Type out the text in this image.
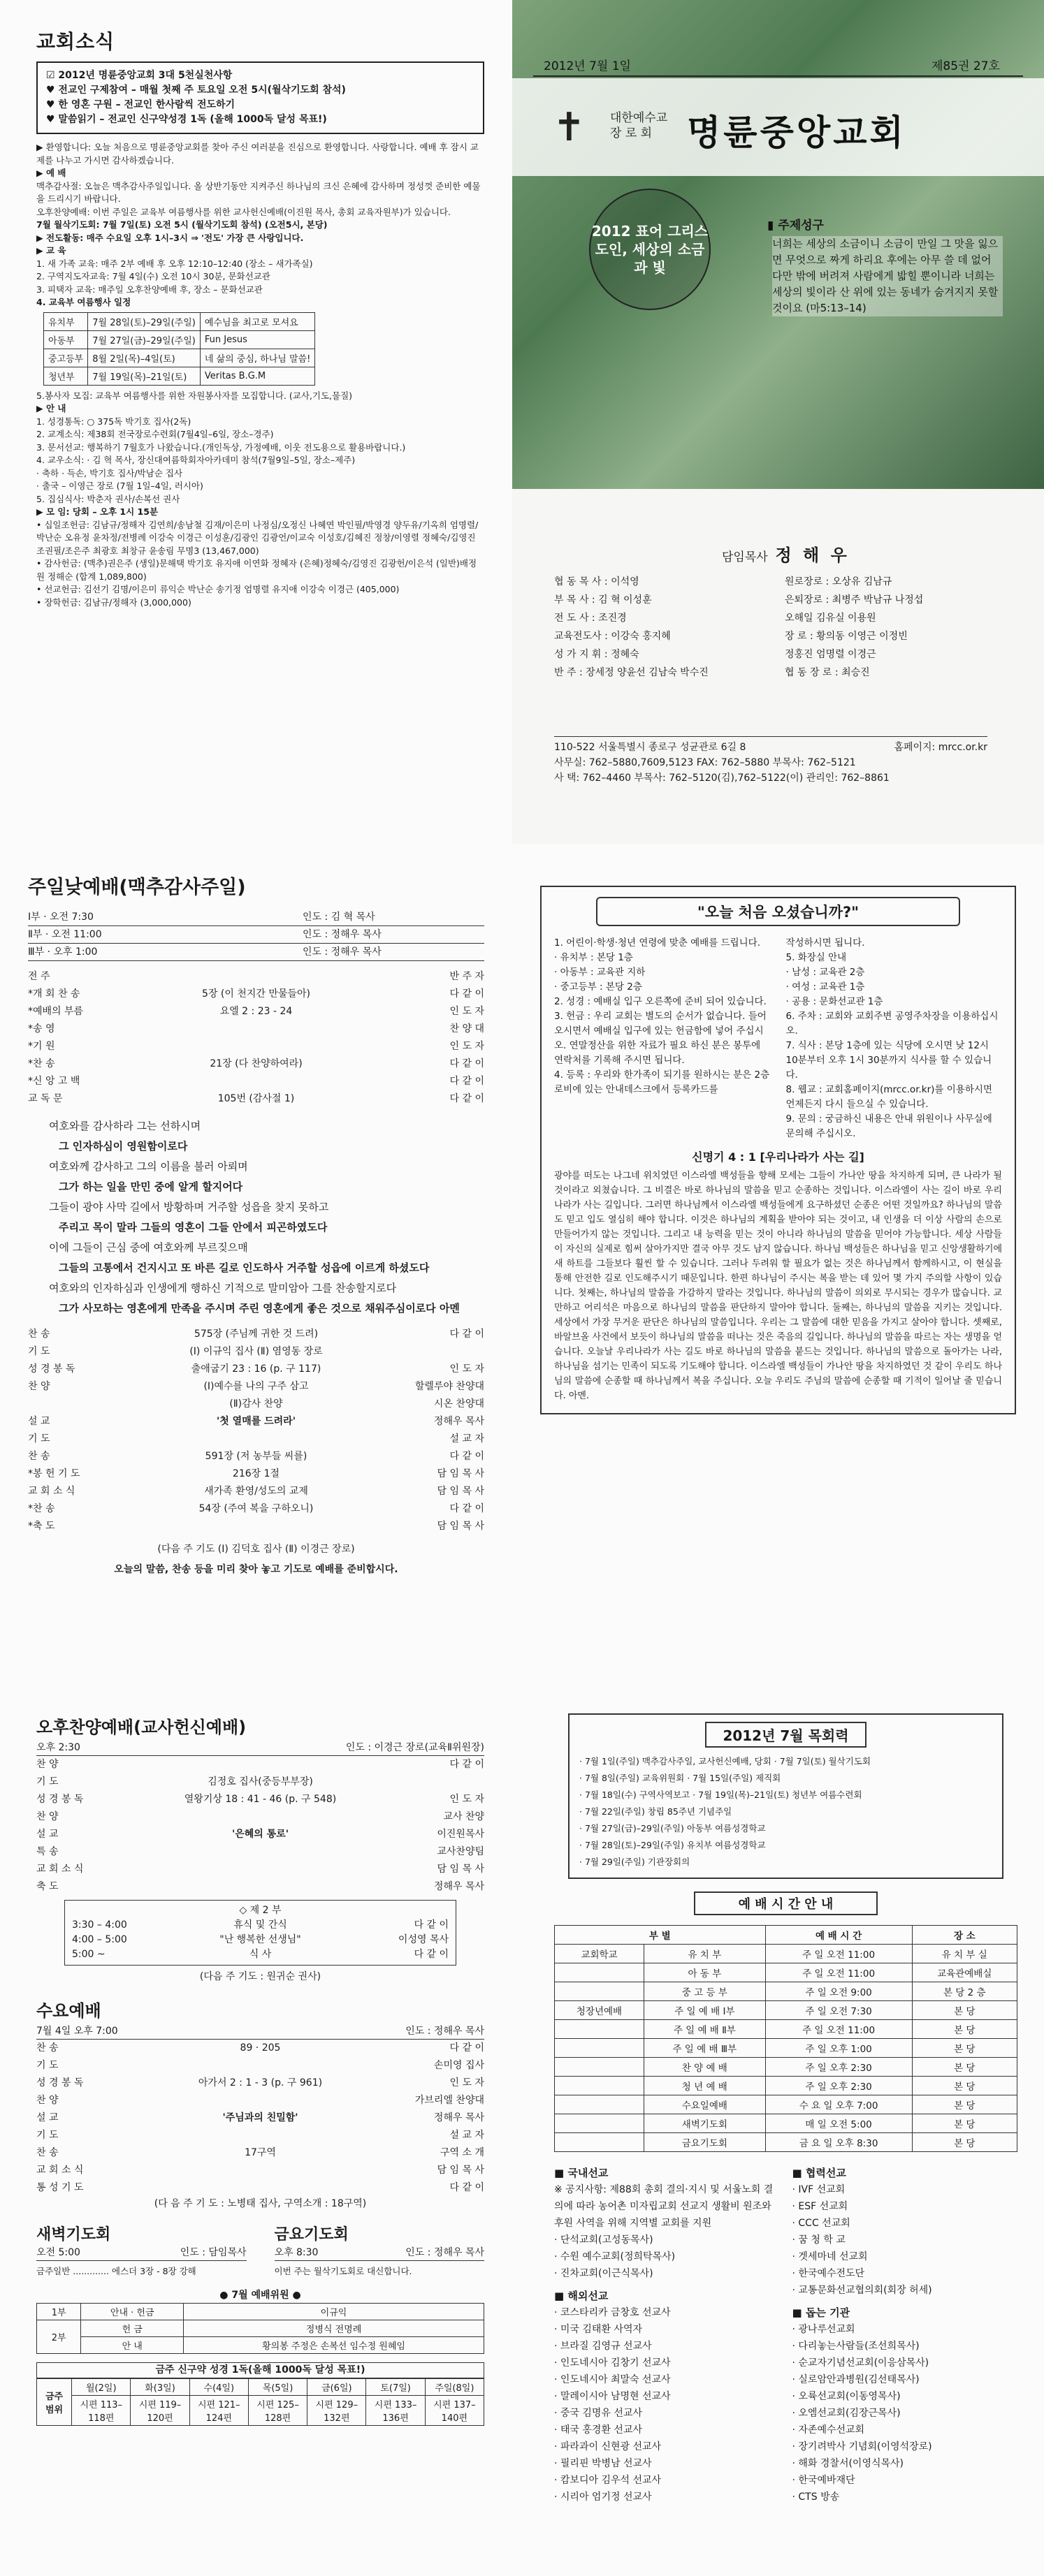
교회소식
☑ 2012년 명륜중앙교회 3대 5천실천사항
♥ 전교인 구제참여 – 매월 첫째 주 토요일 오전 5시(월삭기도회 참석)
♥ 한 영혼 구원 – 전교인 한사람씩 전도하기
♥ 말씀읽기 – 전교인 신구약성경 1독 (올해 1000독 달성 목표!)
▶ 환영합니다: 오늘 처음으로 명륜중앙교회를 찾아 주신 여러분을 진심으로 환영합니다. 사랑합니다. 예배 후 잠시 교제를 나누고 가시면 감사하겠습니다.
▶ 예 배
맥추감사절: 오늘은 맥추감사주일입니다. 올 상반기동안 지켜주신 하나님의 크신 은혜에 감사하며 정성껏 준비한 예물을 드리시기 바랍니다.
오후찬양예배: 이번 주일은 교육부 여름행사를 위한 교사헌신예배(이진원 목사, 총회 교육자원부)가 있습니다.
7월 월삭기도회: 7월 7일(토) 오전 5시 (월삭기도회 참석) (오전5시, 본당)
▶ 전도활동: 매주 수요일 오후 1시–3시 ⇒ '전도' 가장 큰 사랑입니다.
▶ 교 육
1. 새 가족 교육: 매주 2부 예배 후 오후 12:10–12:40 (장소 – 새가족실)
2. 구역지도자교육: 7월 4일(수) 오전 10시 30분, 문화선교관
3. 피택자 교육: 매주일 오후찬양예배 후, 장소 – 문화선교관
4. 교육부 여름행사 일정
유치부	7월 28일(토)–29일(주일)	예수님을 최고로 모셔요
아동부	7월 27일(금)–29일(주일)	Fun Jesus
중고등부	8월 2일(목)–4일(토)	네 삶의 중심, 하나님 말씀!
청년부	7월 19일(목)–21일(토)	Veritas B.G.M
5.봉사자 모집: 교육부 여름행사를 위한 자원봉사자를 모집합니다. (교사,기도,물질)
▶ 안 내
1. 성경통독: ○ 375독 박기호 집사(2독)
2. 교계소식: 제38회 전국장로수련회(7월4일–6일, 장소–경주)
3. 문서선교: 행복하기 7월호가 나왔습니다.(개인독상, 가정예배, 이웃 전도용으로 활용바랍니다.)
4. 교우소식: · 김 혁 목사, 장신대여름학회자아카데미 참석(7월9일–5일, 장소–제주)
· 축하 · 득손, 박기호 집사/박남순 집사
· 출국 – 이영근 장로 (7월 1일–4일, 러시아)
5. 집심식사: 박춘자 권사/손복선 권사
▶ 모 임: 당회 – 오후 1시 15분
• 십일조헌금: 김남규/정해자 김연희/송남철 김재/이은미 나정심/오정신 나혜연 박인필/박영경 양두유/기옥희 엄명렬/박난순 오유정 윤차정/전병례 이강숙 이경근 이성훈/김광인 김광언/이교숙 이성호/김혜진 정창/이영렬 정혜숙/김영진 조권필/조은주 최광호 최창규 윤송림 무명3 (13,467,000)
• 감사헌금: (맥추)권은주 (생일)문해택 박기호 유지애 이연화 정혜자 (은혜)정혜숙/김영진 김광헌/이은석 (일반)배정원 정해순 (합계 1,089,800)
• 선교헌금: 김선기 김명/이은미 류익순 박난순 송기정 엄명렬 유지애 이강숙 이경근 (405,000)
• 장학헌금: 김남규/정해자 (3,000,000)
2012년 7월 1일	제85권 27호
✝ 대한예수교
장 로 회 명륜중앙교회
2012 표어 그리스도인, 세상의 소금과 빛
▮ 주제성구
너희는 세상의 소금이니 소금이 만일 그 맛을 잃으면 무엇으로 짜게 하리요 후에는 아무 쓸 데 없어 다만 밖에 버려져 사람에게 밟힐 뿐이니라 너희는 세상의 빛이라 산 위에 있는 동네가 숨겨지지 못할 것이요 (마5:13–14)
담임목사 정 해 우
협 동 목 사 : 이석영	원로장로 : 오상유 김남규
부 목 사 : 김 혁 이성훈	은퇴장로 : 최병주 박남규 나정섭
전 도 사 : 조진경	오해일 김유실 이용원
교육전도사 : 이강숙 홍지혜	장 로 : 황의동 이영근 이정빈
성 가 지 휘 : 정혜숙	정홍진 엄명렬 이경근
반 주 : 장세정 양윤선 김남숙 박수진	협 동 장 로 : 최승진
110-522 서울특별시 종로구 성균관로 6길 8	홈페이지: mrcc.or.kr
사무실: 762–5880,7609,5123 FAX: 762–5880 부목사: 762–5121
사 택: 762–4460 부목사: 762–5120(김),762–5122(이) 관리인: 762–8861
주일낮예배(맥추감사주일)
Ⅰ부 · 오전 7:30	인도 : 김 혁 목사
Ⅱ부 · 오전 11:00	인도 : 정해우 목사
Ⅲ부 · 오후 1:00	인도 : 정해우 목사
전 주	반 주 자
*개 회 찬 송	5장 (이 천지간 만물들아)	다 같 이
*예배의 부름	요엘 2 : 23 - 24	인 도 자
*송 영	찬 양 대
*기 원	인 도 자
*찬 송	21장 (다 찬양하여라)	다 같 이
*신 앙 고 백	다 같 이
교 독 문	105번 (감사절 1)	다 같 이
여호와를 감사하라 그는 선하시며
그 인자하심이 영원함이로다
여호와께 감사하고 그의 이름을 불러 아뢰며
그가 하는 일을 만민 중에 알게 할지어다
그들이 광야 사막 길에서 방황하며 거주할 성읍을 찾지 못하고
주리고 목이 말라 그들의 영혼이 그들 안에서 피곤하였도다
이에 그들이 근심 중에 여호와께 부르짖으매
그들의 고통에서 건지시고 또 바른 길로 인도하사 거주할 성읍에 이르게 하셨도다
여호와의 인자하심과 인생에게 행하신 기적으로 말미암아 그를 찬송할지로다
그가 사모하는 영혼에게 만족을 주시며 주린 영혼에게 좋은 것으로 채워주심이로다 아멘
찬 송	575장 (주님께 귀한 것 드려)	다 같 이
기 도	(Ⅰ) 이규익 집사 (Ⅱ) 염영동 장로
성 경 봉 독	출애굽기 23 : 16 (p. 구 117)	인 도 자
찬 양	(Ⅰ)예수를 나의 구주 삼고	할렐루야 찬양대
(Ⅱ)감사 찬양	시온 찬양대
설 교	'첫 열매를 드려라'	정해우 목사
기 도	설 교 자
찬 송	591장 (저 농부들 씨를)	다 같 이
*봉 헌 기 도	216장 1절	담 임 목 사
교 회 소 식	새가족 환영/성도의 교제	담 임 목 사
*찬 송	54장 (주여 복을 구하오니)	다 같 이
*축 도	담 임 목 사
(다음 주 기도 (Ⅰ) 김덕호 집사 (Ⅱ) 이경근 장로)
오늘의 말씀, 찬송 등을 미리 찾아 놓고 기도로 예배를 준비합시다.
"오늘 처음 오셨습니까?"
1. 어린이·학생·청년 연령에 맞춘 예배를 드립니다.
· 유치부 : 본당 1층
· 아동부 : 교육관 지하
· 중고등부 : 본당 2층
2. 성경 : 예배실 입구 오른쪽에 준비 되어 있습니다.
3. 헌금 : 우리 교회는 별도의 순서가 없습니다. 들어 오시면서 예배실 입구에 있는 헌금함에 넣어 주십시오. 연말정산을 위한 자료가 필요 하신 분은 봉투에 연락처를 기록해 주시면 됩니다.
4. 등록 : 우리와 한가족이 되기를 원하시는 분은 2층 로비에 있는 안내데스크에서 등록카드를
작성하시면 됩니다.
5. 화장실 안내
· 남성 : 교육관 2층
· 여성 : 교육관 1층
· 공용 : 문화선교관 1층
6. 주차 : 교회와 교회주변 공영주차장을 이용하십시오.
7. 식사 : 본당 1층에 있는 식당에 오시면 낮 12시 10분부터 오후 1시 30분까지 식사를 할 수 있습니다.
8. 웹교 : 교회홈페이지(mrcc.or.kr)를 이용하시면 언제든지 다시 들으실 수 있습니다.
9. 문의 : 궁금하신 내용은 안내 위원이나 사무실에 문의해 주십시오.
신명기 4 : 1 [우리나라가 사는 길]
광야를 떠도는 나그네 위치였던 이스라엘 백성들을 향해 모세는 그들이 가나안 땅을 차지하게 되며, 큰 나라가 될 것이라고 외쳤습니다. 그 비결은 바로 하나님의 말씀을 믿고 순종하는 것입니다. 이스라엘이 사는 길이 바로 우리나라가 사는 길입니다. 그러면 하나님께서 이스라엘 백성들에게 요구하셨던 순종은 어떤 것일까요? 하나님의 말씀도 믿고 입도 열심히 해야 합니다. 이것은 하나님의 계획을 받아야 되는 것이고, 내 인생을 더 이상 사람의 손으로 만들어가지 않는 것입니다. 그리고 내 능력을 믿는 것이 아니라 하나님의 말씀을 믿어야 가능합니다. 세상 사람들이 자신의 실제로 힘써 살아가지만 결국 아무 것도 남지 않습니다. 하나님 백성들은 하나님을 믿고 신앙생활하기에 새 하트를 그들보다 훨씬 할 수 있습니다. 그러나 두려워 할 필요가 없는 것은 하나님께서 함께하시고, 이 현실을 통해 안전한 길로 인도해주시기 때문입니다. 한편 하나님이 주시는 복을 받는 데 있어 몇 가지 주의할 사항이 있습니다. 첫째는, 하나님의 말씀을 가감하지 말라는 것입니다. 하나님의 말씀이 의외로 무시되는 경우가 많습니다. 교만하고 어리석은 마음으로 하나님의 말씀을 판단하지 말아야 합니다. 둘째는, 하나님의 말씀을 지키는 것입니다. 세상에서 가장 무거운 판단은 하나님의 말씀입니다. 우리는 그 말씀에 대한 믿음을 가지고 살아야 합니다. 셋째로, 바알브올 사건에서 보듯이 하나님의 말씀을 떠나는 것은 죽음의 길입니다. 하나님의 말씀을 따르는 자는 생명을 얻습니다. 오늘날 우리나라가 사는 길도 바로 하나님의 말씀을 붙드는 것입니다. 하나님의 말씀으로 돌아가는 나라, 하나님을 섬기는 민족이 되도록 기도해야 합니다. 이스라엘 백성들이 가나안 땅을 차지하였던 것 같이 우리도 하나님의 말씀에 순종할 때 하나님께서 복을 주십니다. 오늘 우리도 주님의 말씀에 순종할 때 기적이 일어날 줄 믿습니다. 아멘.
오후찬양예배(교사헌신예배)
오후 2:30	인도 : 이경근 장로(교육Ⅱ위원장)
찬 양	다 같 이
기 도	김정호 집사(중등부부장)
성 경 봉 독	열왕기상 18 : 41 - 46 (p. 구 548)	인 도 자
찬 양	교사 찬양
설 교	'은혜의 통로'	이진원목사
특 송	교사찬양팀
교 회 소 식	담 임 목 사
축 도	정해우 목사
◇ 제 2 부
3:30 – 4:00	휴식 및 간식	다 같 이
4:00 – 5:00	"난 행복한 선생님"	이성영 목사
5:00 ~	식 사	다 같 이
(다음 주 기도 : 원귀순 권사)
수요예배
7월 4일 오후 7:00	인도 : 정해우 목사
찬 송	89 · 205	다 같 이
기 도	손미영 집사
성 경 봉 독	아가서 2 : 1 - 3 (p. 구 961)	인 도 자
찬 양	가브리엘 찬양대
설 교	'주님과의 친밀함'	정해우 목사
기 도	설 교 자
찬 송	17구역	구역 소 개
교 회 소 식	담 임 목 사
통 성 기 도	다 같 이
(다 음 주 기 도 : 노병태 집사, 구역소개 : 18구역)
새벽기도회
오전 5:00	인도 : 담임목사
금주일반 ............. 에스더 3장 - 8장 강해
금요기도회
오후 8:30	인도 : 정해우 목사
이번 주는 월삭기도회로 대신합니다.
● 7월 예배위원 ●
1부	안내 · 헌금	이규익
2부	헌 금	정병식 전명례
	안 내	황의봉 주정은 손복선 임수정 원혜임
금주 신구약 성경 1독(올해 1000독 달성 목표!)
금주 범위	월(2일)	화(3일)	수(4일)	목(5일)	금(6일)	토(7일)	주일(8일)
	시편 113–118편	시편 119–120편	시편 121–124편	시편 125–128편	시편 129–132편	시편 133–136편	시편 137–140편
2012년 7월 목회력
· 7월 1일(주일) 맥추감사주일, 교사헌신예배, 당회 · 7월 7일(토) 월삭기도회
· 7월 8일(주일) 교육위원회 · 7월 15일(주일) 제직회
· 7월 18일(수) 구역사역보고 · 7월 19일(목)–21일(토) 청년부 여름수련회
· 7월 22일(주일) 창립 85주년 기념주일
· 7월 27일(금)–29일(주일) 아동부 여름성경학교
· 7월 28일(토)–29일(주일) 유치부 여름성경학교
· 7월 29일(주일) 기관장회의
예 배 시 간 안 내
부 별		예 배 시 간	장 소
교회학교	유 치 부	주 일 오전 11:00	유 치 부 실
	아 동 부	주 일 오전 11:00	교육관예배실
	중 고 등 부	주 일 오전 9:00	본 당 2 층
청장년예배	주 일 예 배 Ⅰ부	주 일 오전 7:30	본 당
	주 일 예 배 Ⅱ부	주 일 오전 11:00	본 당
	주 일 예 배 Ⅲ부	주 일 오후 1:00	본 당
	찬 양 예 배	주 일 오후 2:30	본 당
	청 년 예 배	주 일 오후 2:30	본 당
	수요일예배	수 요 일 오후 7:00	본 당
	새벽기도회	매 일 오전 5:00	본 당
	금요기도회	금 요 일 오후 8:30	본 당
■ 국내선교
※ 공지사항: 제88회 총회 결의·지시 및 서울노회 결의에 따라 농어촌 미자립교회 선교지 생활비 원조와 후원 사역을 위해 지역별 교회를 지원
· 단석교회(고성동목사)
· 수원 예수교회(정희탁목사)
· 진차교회(이근식목사)
■ 해외선교
· 코스타리카 금창호 선교사
· 미국 김태환 사역자
· 브라질 김영규 선교사
· 인도네시아 김창기 선교사
· 인도네시아 최말숙 선교사
· 말레이시아 남명현 선교사
· 중국 김명유 선교사
· 태국 홍경환 선교사
· 파라과이 신현광 선교사
· 필리핀 박병남 선교사
· 캄보디아 김우석 선교사
· 시리아 엄기정 선교사
■ 협력선교
· IVF 선교회
· ESF 선교회
· CCC 선교회
· 꿈 청 학 교
· 겟세마네 선교회
· 한국예수전도단
· 교통문화선교협의회(회장 허세)
■ 돕는 기관
· 광나루선교회
· 다리놓는사람들(조선희목사)
· 순교자기념선교회(이응삼목사)
· 실로암안과병원(김선태목사)
· 오륙선교회(이동영목사)
· 오엠선교회(김장근목사)
· 자존예수선교회
· 장기려박사 기념회(이영석장로)
· 해화 경찰서(이영식목사)
· 한국예바재단
· CTS 방송
